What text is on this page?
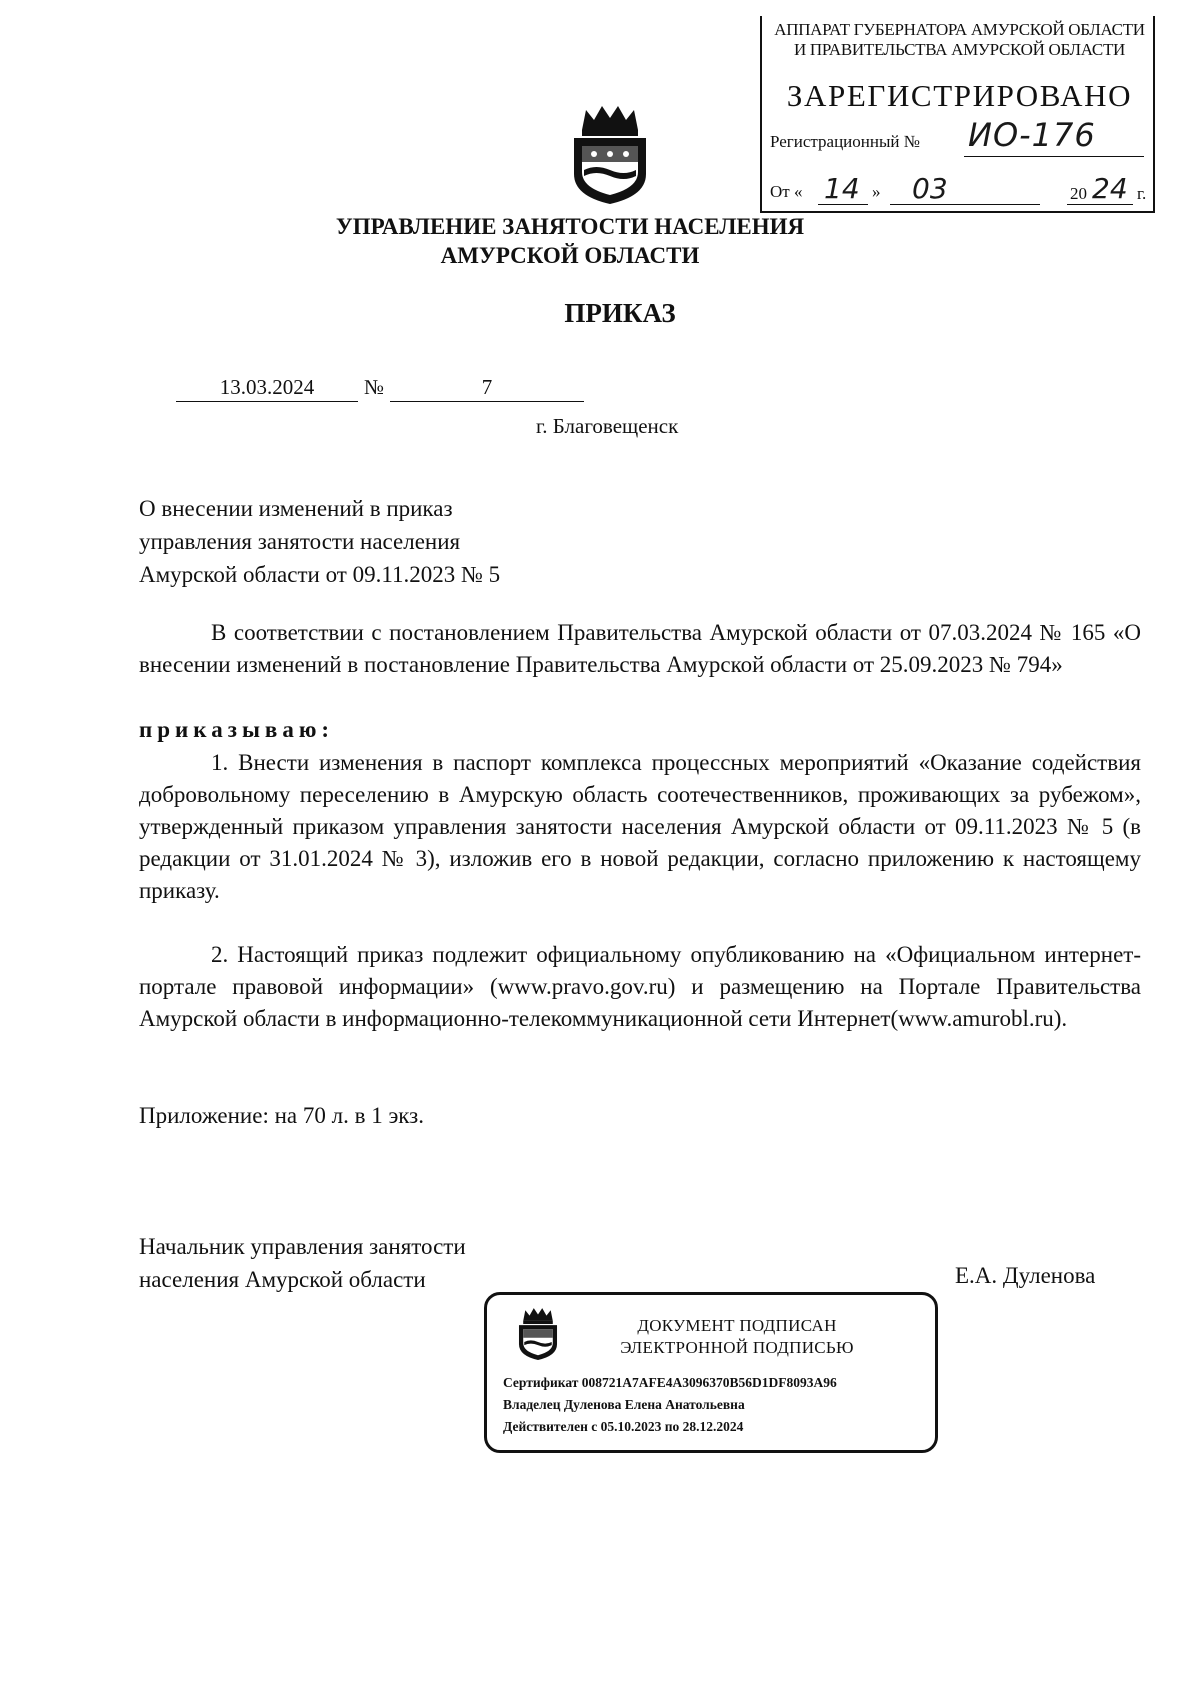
АППАРАТ ГУБЕРНАТОРА АМУРСКОЙ ОБЛАСТИ
И ПРАВИТЕЛЬСТВА АМУРСКОЙ ОБЛАСТИ
ЗАРЕГИСТРИРОВАНО
Регистрационный № ИО-176
От « 14 » 03	20 24 г.
УПРАВЛЕНИЕ ЗАНЯТОСТИ НАСЕЛЕНИЯ
АМУРСКОЙ ОБЛАСТИ
ПРИКАЗ
13.03.2024	№	7
г. Благовещенск
О внесении изменений в приказ
управления занятости населения
Амурской области от 09.11.2023 № 5
В соответствии с постановлением Правительства Амурской области от 07.03.2024 № 165 «О внесении изменений в постановление Правительства Амурской области от 25.09.2023 № 794»
приказываю:
1. Внести изменения в паспорт комплекса процессных мероприятий «Оказание содействия добровольному переселению в Амурскую область соотечественников, проживающих за рубежом», утвержденный приказом управления занятости населения Амурской области от 09.11.2023 № 5 (в редакции от 31.01.2024 № 3), изложив его в новой редакции, согласно приложению к настоящему приказу.
2. Настоящий приказ подлежит официальному опубликованию на «Официальном интернет-портале правовой информации» (www.pravo.gov.ru) и размещению на Портале Правительства Амурской области в информационно-телекоммуникационной сети Интернет(www.amurobl.ru).
Приложение: на 70 л. в 1 экз.
Начальник управления занятости
населения Амурской области	Е.А. Дуленова
ДОКУМЕНТ ПОДПИСАН
ЭЛЕКТРОННОЙ ПОДПИСЬЮ
Сертификат 008721A7AFE4A3096370B56D1DF8093A96
Владелец Дуленова Елена Анатольевна
Действителен с 05.10.2023 по 28.12.2024
